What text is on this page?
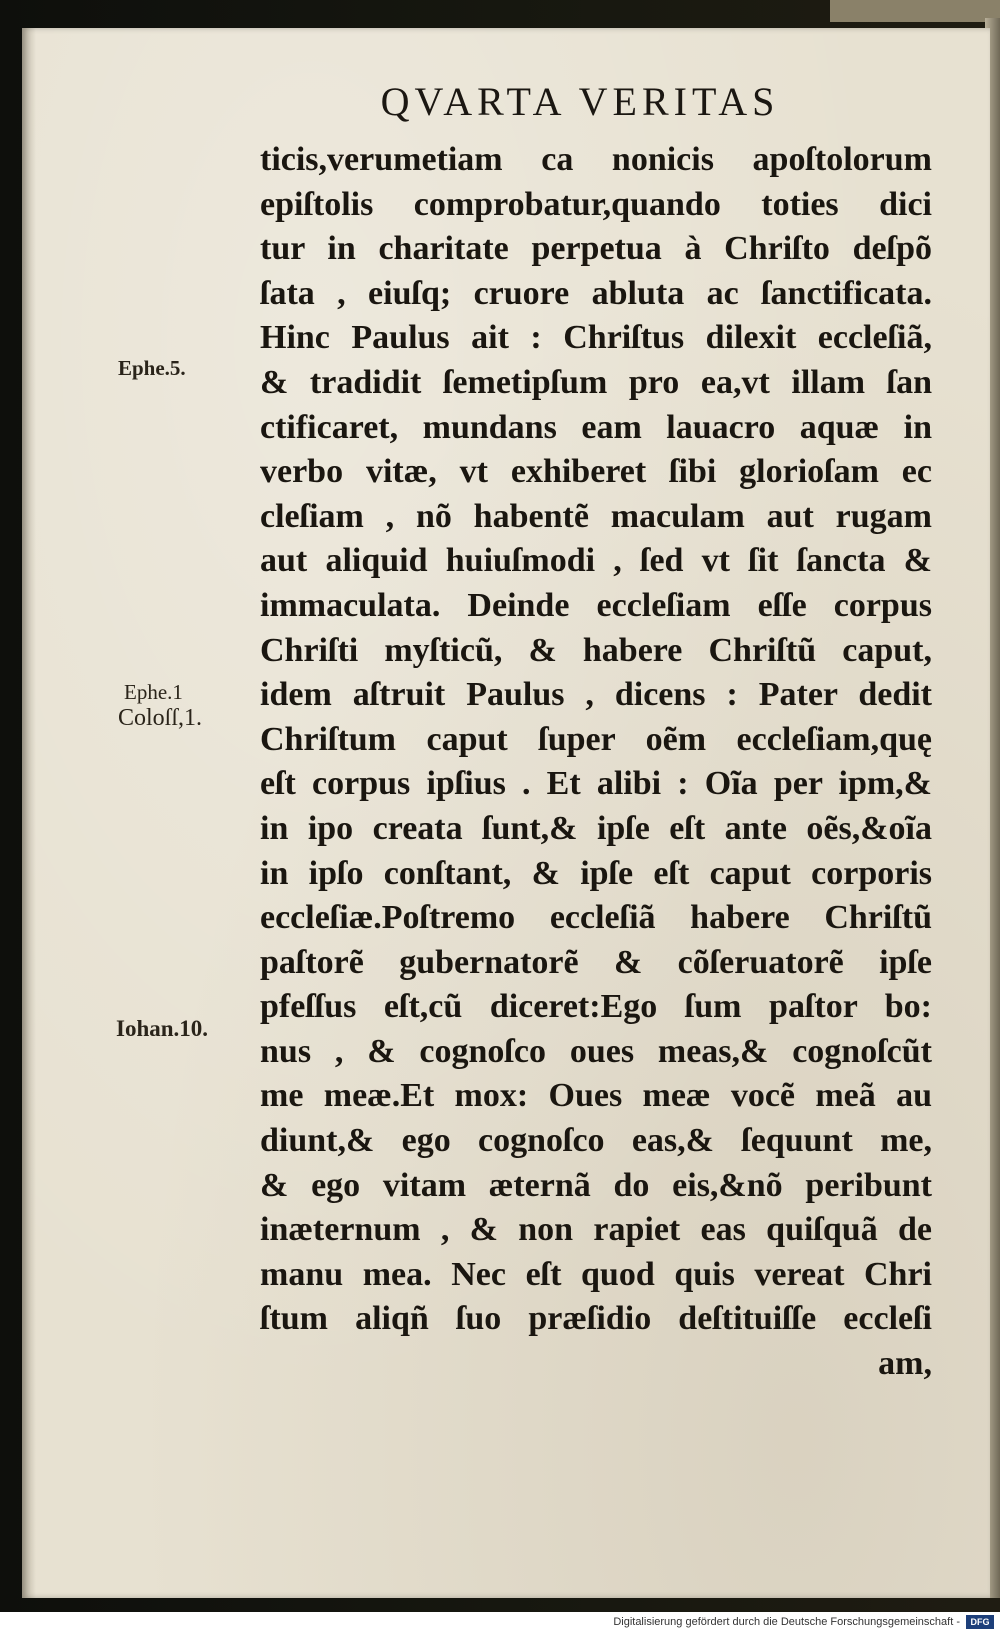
QVARTA VERITAS
ticis,verumetiam ca nonicis apoſtolorum
epiſtolis comprobatur,quando toties dici
tur in charitate perpetua à Chriſto deſpõ
ſata , eiuſq; cruore abluta ac ſanctificata.
Hinc Paulus ait : Chriſtus dilexit eccleſiã,
& tradidit ſemetipſum pro ea,vt illam ſan
ctificaret, mundans eam lauacro aquæ in
verbo vitæ, vt exhiberet ſibi glorioſam ec
cleſiam , nõ habentẽ maculam aut rugam
aut aliquid huiuſmodi , ſed vt ſit ſancta &
immaculata. Deinde eccleſiam eſſe corpus
Chriſti myſticũ, & habere Chriſtũ caput,
idem aſtruit Paulus , dicens : Pater dedit
Chriſtum caput ſuper oẽm eccleſiam,quę
eſt corpus ipſius . Et alibi : Oĩa per ipm,&
in ipo creata ſunt,& ipſe eſt ante oẽs,&oĩa
in ipſo conſtant, & ipſe eſt caput corporis
eccleſiæ.Poſtremo eccleſiã habere Chriſtũ
paſtorẽ gubernatorẽ & cõſeruatorẽ ipſe
pfeſſus eſt,cũ diceret:Ego ſum paſtor bo:
nus , & cognoſco oues meas,& cognoſcũt
me meæ.Et mox: Oues meæ vocẽ meã au
diunt,& ego cognoſco eas,& ſequunt me,
& ego vitam æternã do eis,&nõ peribunt
inæternum , & non rapiet eas quiſquã de
manu mea. Nec eſt quod quis vereat Chri
ſtum aliqñ ſuo præſidio deſtituiſſe eccleſi
am,
Ephe.5.
Ephe.1
Coloſſ,1.
Iohan.10.
Digitalisierung gefördert durch die Deutsche Forschungsgemeinschaft -	DFG
